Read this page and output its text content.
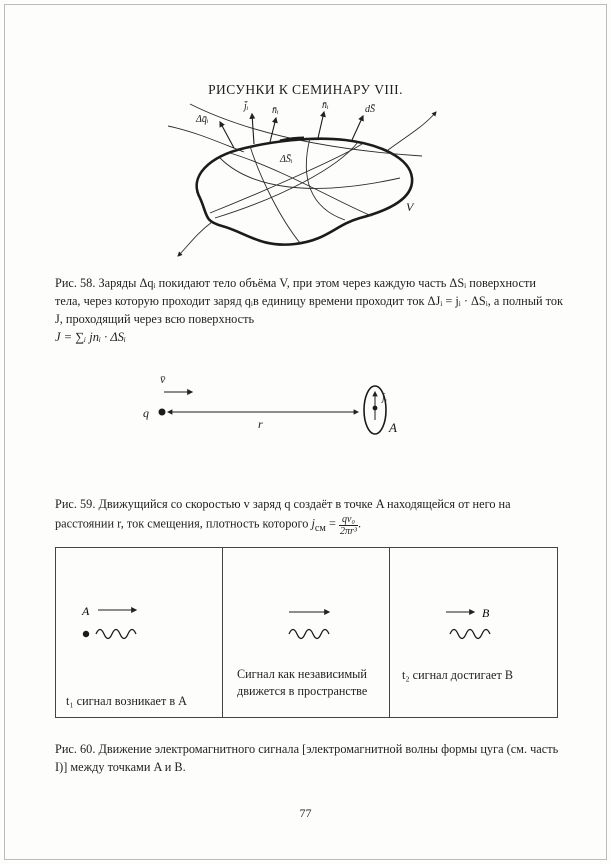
РИСУНКИ К СЕМИНАРУ VIII.
Δq̄ᵢ
j̄ᵢ n̄ᵢ
ΔS̄ᵢ
n̄ᵢ	dS̄
V

Рис. 58. Заряды Δqᵢ покидают тело объёма V, при этом через каждую часть ΔSᵢ поверхности тела, через которую проходит заряд qᵢв единицу времени проходит ток ΔJᵢ = jᵢ · ΔSᵢ, а полный ток J, проходящий через всю поверхность

J = ∑ᵢ jnᵢ · ΔSᵢ

q
v̄
r
j̄ₑ
A

Рис. 59. Движущийся со скоростью v заряд q создаёт в точке A находящейся от него на расстоянии r, ток смещения, плотность которого $j_{см} = \frac{\text{qv₀}}{\text{2πr³}}$ .

A
t₁ сигнал возникает в A
Сигнал как независимый движется в пространстве
B
t₂ сигнал достигает B

Рис. 60. Движение электромагнитного сигнала [электромагнитной волны формы цуга (см. часть I)] между точками A и B.

77
